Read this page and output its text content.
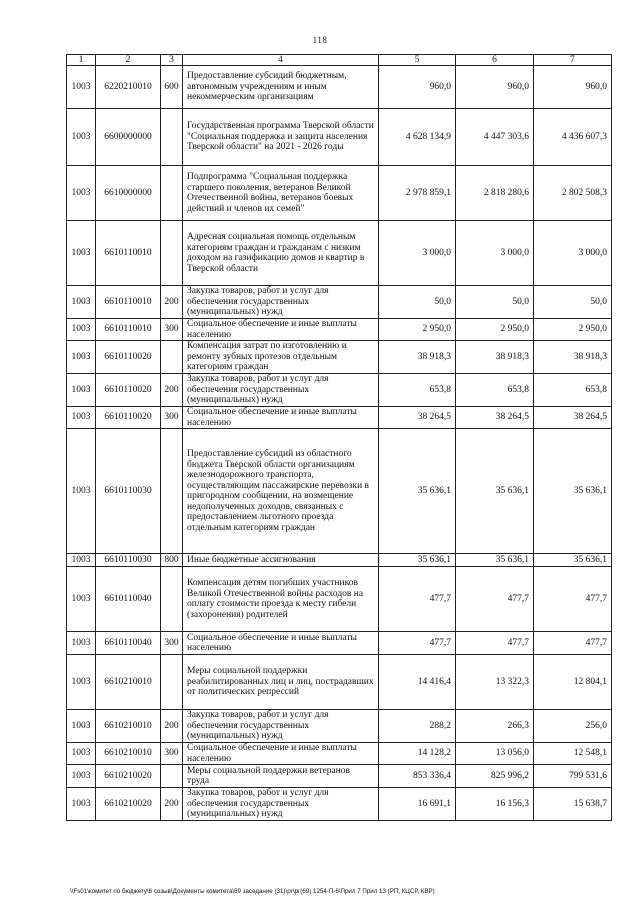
118
1	2	3	4	5	6	7
1003	6220210010	600	Предоставление субсидий бюджетным, автономным учреждениям и иным некоммерческим организациям	960,0	960,0	960,0
1003	6600000000		Государственная программа Тверской области "Социальная поддержка и защита населения Тверской области" на 2021 - 2026 годы	4 628 134,9	4 447 303,6	4 436 607,3
1003	6610000000		Подпрограмма "Социальная поддержка старшего поколения, ветеранов Великой Отечественной войны, ветеранов боевых действий и членов их семей"	2 978 859,1	2 818 280,6	2 802 508,3
1003	6610110010		Адресная социальная помощь отдельным категориям граждан и гражданам с низким доходом на газификацию домов и квартир в Тверской области	3 000,0	3 000,0	3 000,0
1003	6610110010	200	Закупка товаров, работ и услуг для обеспечения государственных (муниципальных) нужд	50,0	50,0	50,0
1003	6610110010	300	Социальное обеспечение и иные выплаты населению	2 950,0	2 950,0	2 950,0
1003	6610110020		Компенсация затрат по изготовлению и ремонту зубных протезов отдельным категориям граждан	38 918,3	38 918,3	38 918,3
1003	6610110020	200	Закупка товаров, работ и услуг для обеспечения государственных (муниципальных) нужд	653,8	653,8	653,8
1003	6610110020	300	Социальное обеспечение и иные выплаты населению	38 264,5	38 264,5	38 264,5
1003	6610110030		Предоставление субсидий из областного бюджета Тверской области организациям железнодорожного транспорта, осуществляющим пассажирские перевозки в пригородном сообщении, на возмещение недополученных доходов, связанных с предоставлением льготного проезда отдельным категориям граждан	35 636,1	35 636,1	35 636,1
1003	6610110030	800	Иные бюджетные ассигнования	35 636,1	35 636,1	35 636,1
1003	6610110040		Компенсация детям погибших участников Великой Отечественной войны расходов на оплату стоимости проезда к месту гибели (захоронения) родителей	477,7	477,7	477,7
1003	6610110040	300	Социальное обеспечение и иные выплаты населению	477,7	477,7	477,7
1003	6610210010		Меры социальной поддержки реабилитированных лиц и лиц, пострадавших от политических репрессий	14 416,4	13 322,3	12 804,1
1003	6610210010	200	Закупка товаров, работ и услуг для обеспечения государственных (муниципальных) нужд	288,2	266,3	256,0
1003	6610210010	300	Социальное обеспечение и иные выплаты населению	14 128,2	13 056,0	12 548,1
1003	6610210020		Меры социальной поддержки ветеранов труда	853 336,4	825 996,2	799 531,6
1003	6610210020	200	Закупка товаров, работ и услуг для обеспечения государственных (муниципальных) нужд	16 691,1	16 156,3	15 638,7
\\Fs01\комитет по бюджету\6 созыв\Документы комитета\69 заседание (31)\рг\рг(69) 1254-П-6\Прил 7 Прил 13 (РП, КЦСР, КВР)
